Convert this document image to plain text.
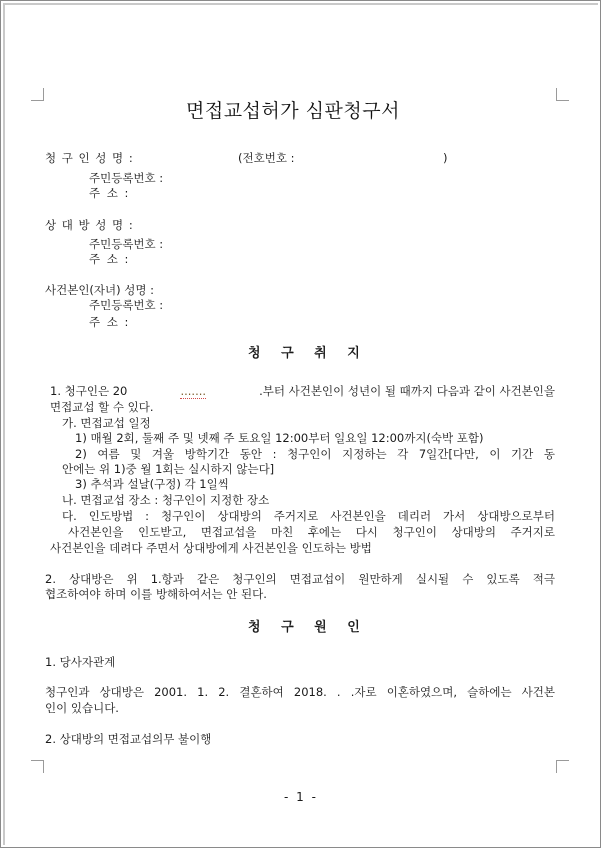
면접교섭허가 심판청구서
청 구 인 성 명 :	(전호번호 :	)
주민등록번호 :
주 소 :
상 대 방 성 명 :
주민등록번호 :
주 소 :
사건본인(자녀) 성명 :
주민등록번호 :
주 소 :
청 구 취 지
1. 청구인은 20	.......	.부터 사건본인이 성년이 될 때까지 다음과 같이 사건본인을
면접교섭 할 수 있다.
가. 면접교섭 일정
1) 매월 2회, 둘째 주 및 넷째 주 토요일 12:00부터 일요일 12:00까지(숙박 포함)
2) 여름 및 겨울 방학기간 동안 : 청구인이 지정하는 각 7일간[다만, 이 기간 동
안에는 위 1)중 월 1회는 실시하지 않는다]
3) 추석과 설날(구정) 각 1일씩
나. 면접교섭 장소 : 청구인이 지정한 장소
다. 인도방법 : 청구인이 상대방의 주거지로 사건본인을 데리러 가서 상대방으로부터
사건본인을 인도받고, 면접교섭을 마친 후에는 다시 청구인이 상대방의 주거지로
사건본인을 데려다 주면서 상대방에게 사건본인을 인도하는 방법
2. 상대방은 위 1.항과 같은 청구인의 면접교섭이 원만하게 실시될 수 있도록 적극
협조하여야 하며 이를 방해하여서는 안 된다.
청 구 원 인
1. 당사자관계
청구인과 상대방은 2001. 1. 2. 결혼하여 2018. . .자로 이혼하였으며, 슬하에는 사건본
인이 있습니다.
2. 상대방의 면접교섭의무 불이행
- 1 -
